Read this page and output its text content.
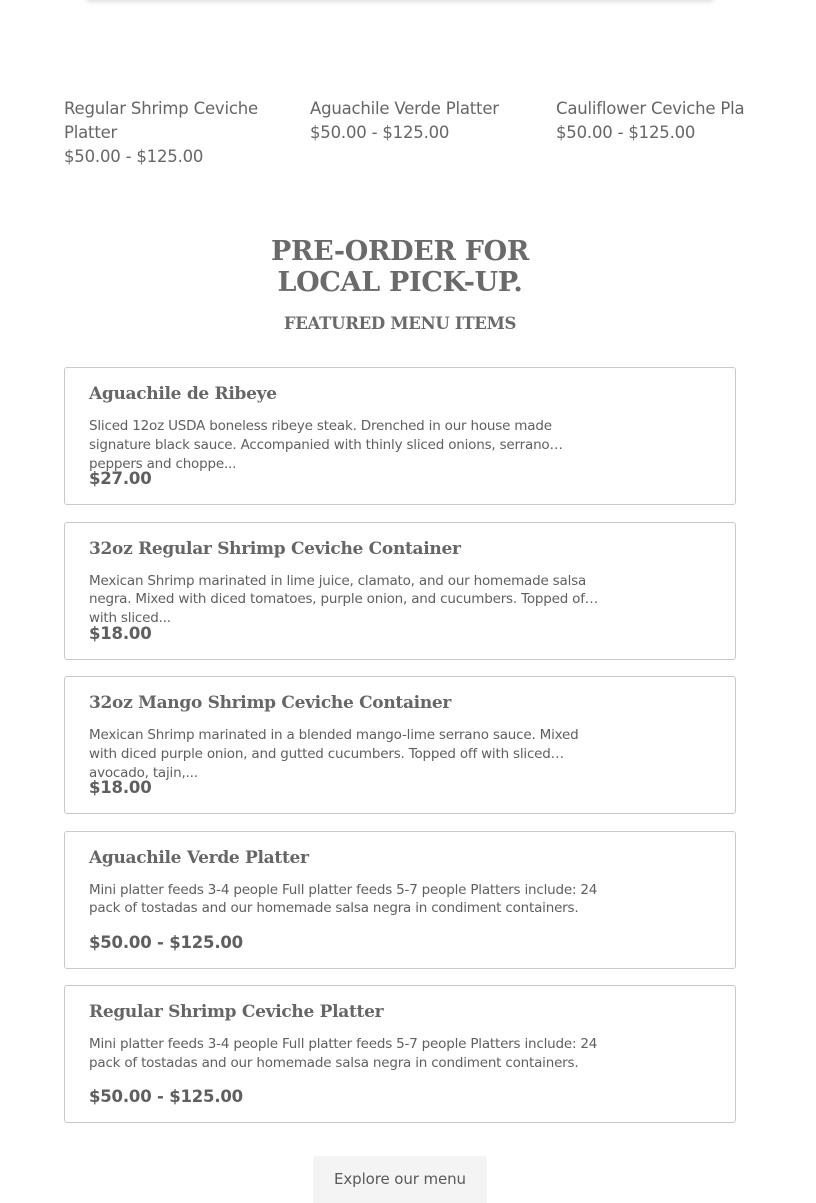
Regular Shrimp Ceviche Platter
$50.00 - $125.00
Aguachile Verde Platter
$50.00 - $125.00
Cauliflower Ceviche Pla
$50.00 - $125.00
PRE-ORDER FOR
LOCAL PICK-UP.
FEATURED MENU ITEMS
Aguachile de Ribeye
Sliced 12oz USDA boneless ribeye steak. Drenched in our house made signature black sauce. Accompanied with thinly sliced onions, serrano peppers and choppe...
$27.00
32oz Regular Shrimp Ceviche Container
Mexican Shrimp marinated in lime juice, clamato, and our homemade salsa negra. Mixed with diced tomatoes, purple onion, and cucumbers. Topped off with sliced...
$18.00
32oz Mango Shrimp Ceviche Container
Mexican Shrimp marinated in a blended mango-lime serrano sauce. Mixed with diced purple onion, and gutted cucumbers. Topped off with sliced avocado, tajin,...
$18.00
Aguachile Verde Platter
Mini platter feeds 3-4 people Full platter feeds 5-7 people Platters include: 24 pack of tostadas and our homemade salsa negra in condiment containers.
$50.00 - $125.00
Regular Shrimp Ceviche Platter
Mini platter feeds 3-4 people Full platter feeds 5-7 people Platters include: 24 pack of tostadas and our homemade salsa negra in condiment containers.
$50.00 - $125.00
Explore our menu
